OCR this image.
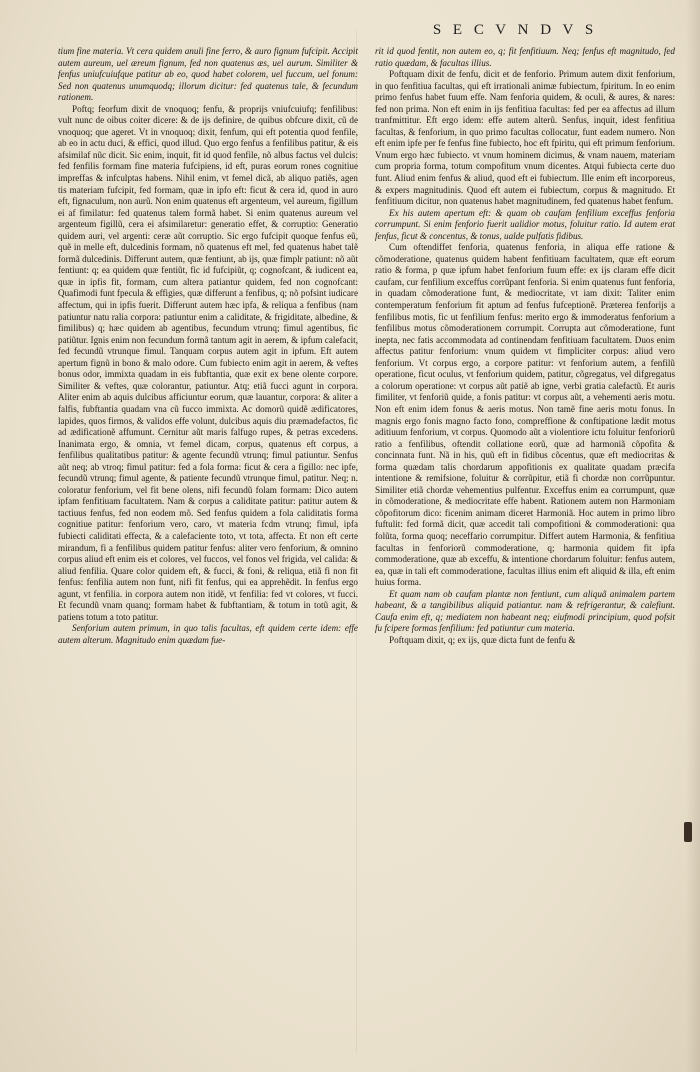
S E C V N D V S

tium fine materia. Vt cera quidem anuli fine ferro, & auro fignum fufcipit. Accipit autem aureum, uel æreum fignum, fed non quatenus æs, uel aurum. Similiter & fenfus uniufcuiufque patitur ab eo, quod habet colorem, uel fuccum, uel fonum: Sed non quatenus unumquodq; illorum dicitur: fed quatenus tale, & fecundum rationem.

Poftq; feorfum dixit de vnoquoq; fenfu, & proprijs vniufcuiufq; fenfilibus: vult nunc de oibus coiter dicere: & de ijs definire, de quibus obfcure dixit, cũ de vnoquoq; que ageret. Vt in vnoquoq; dixit, fenfum, qui eft potentia quod fenfile, ab eo in actu duci, & effici, quod illud. Quo ergo fenfus a fenfilibus patitur, & eis afsimilaf nũc dicit. Sic enim, inquit, fit id quod fenfile, nõ albus factus vel dulcis: fed fenfilis formam fine materia fufcipiens, id eft, puras eorum rones cognitiue impreffas & infculptas habens. Nihil enim, vt femel dicã, ab aliquo patiẽs, agen tis materiam fufcipit, fed formam, quæ in ipfo eft: ficut & cera id, quod in auro eft, fignaculum, non aurũ. Non enim quatenus eft argenteum, vel aureum, figillum ei af fimilatur: fed quatenus talem formã habet. Si enim quatenus aureum vel argenteum figillũ, cera ei afsimilaretur: generatio effet, & corruptio: Generatio quidem auri, vel argenti: ceræ aũt corruptio. Sic ergo fufcipit quoque fenfus eũ, quẽ in melle eft, dulcedinis formam, nõ quatenus eft mel, fed quatenus habet talẽ formã dulcedinis. Differunt autem, quæ fentiunt, ab ijs, quæ fimplr patiunt: nõ aũt fentiunt: q; ea quidem quæ fentiũt, fic id fufcipiũt, q; cognofcant, & iudicent ea, quæ in ipfis fit, formam, cum altera patiantur quidem, fed non cognofcant: Quafimodi funt fpecula & effigies, quæ differunt a fenfibus, q; nõ pofsint iudicare affectum, qui in ipfis fuerit. Differunt autem hæc ipfa, & reliqua a fenfibus (nam patiuntur natu ralia corpora: patiuntur enim a caliditate, & frigiditate, albedine, & fimilibus) q; hæc quidem ab agentibus, fecundum vtrunq; fimul agentibus, fic patiũtur. Ignis enim non fecundum formã tantum agit in aerem, & ipfum calefacit, fed fecundũ vtrunque fimul. Tanquam corpus autem agit in ipfum. Eft autem apertum fignũ in bono & malo odore. Cum fubiecto enim agit in aerem, & veftes bonus odor, immixta quadam in eis fubftantia, quæ exit ex bene olente corpore. Similiter & veftes, quæ colorantur, patiuntur. Atq; etiã fucci agunt in corpora. Aliter enim ab aquis dulcibus afficiuntur eorum, quæ lauantur, corpora: & aliter a falfis, fubftantia quadam vna cũ fucco immixta. Ac domorũ quidẽ ædificatores, lapides, quos firmos, & validos effe volunt, dulcibus aquis diu præmadefactos, fic ad ædificationẽ affumunt. Cernitur aũt maris falfugo rupes, & petras excedens. Inanimata ergo, & omnia, vt femel dicam, corpus, quatenus eft corpus, a fenfilibus qualitatibus patitur: & agente fecundũ vtrunq; fimul patiuntur. Senfus aũt neq; ab vtroq; fimul patitur: fed a fola forma: ficut & cera a figillo: nec ipfe, fecundũ vtrunq; fimul agente, & patiente fecundũ vtrunque fimul, patitur. Neq; n. coloratur fenforium, vel fit bene olens, nifi fecundũ folam formam: Dico autem ipfam fenfitiuam facultatem. Nam & corpus a caliditate patitur: patitur autem & tactiuus fenfus, fed non eodem mõ. Sed fenfus quidem a fola caliditatis forma cognitiue patitur: fenforium vero, caro, vt materia fcdm vtrunq; fimul, ipfa fubiecti caliditati effecta, & a calefaciente toto, vt tota, affecta. Et non eft certe mirandum, fi a fenfilibus quidem patitur fenfus: aliter vero fenforium, & omnino corpus aliud eft enim eis et colores, vel fuccos, vel fonos vel frigida, vel calida: & aliud fenfilia. Quare color quidem eft, & fucci, & foni, & reliqua, etiã fi non fit fenfus: fenfilia autem non funt, nifi fit fenfus, qui ea apprehẽdit. In fenfus ergo agunt, vt fenfilia. in corpora autem non itidẽ, vt fenfilia: fed vt colores, vt fucci. Et fecundũ vnam quanq; formam habet & fubftantiam, & totum in totũ agit, & patiens totum a toto patitur.

Senforium autem primum, in quo talis facultas, eft quidem certe idem: effe autem alterum. Magnitudo enim quædam fue-

rit id quod fentit, non autem eo, q; fit fenfitiuum. Neq; fenfus eft magnitudo, fed ratio quædam, & facultas illius.

Poftquam dixit de fenfu, dicit et de fenforio. Primum autem dixit fenforium, in quo fenfitiua facultas, qui eft irrationali animæ fubiectum, fpiritum. In eo enim primo fenfus habet fuum effe. Nam fenforia quidem, & oculi, & aures, & nares: fed non prima. Non eft enim in ijs fenfitiua facultas: fed per ea affectus ad illum tranfmittitur. Eft ergo idem: effe autem alterũ. Senfus, inquit, idest fenfitiua facultas, & fenforium, in quo primo facultas collocatur, funt eadem numero. Non eft enim ipfe per fe fenfus fine fubiecto, hoc eft fpiritu, qui eft primum fenforium. Vnum ergo hæc fubiecto. vt vnum hominem dicimus, & vnam nauem, materiam cum propria forma, totum compofitum vnum dicentes. Atqui fubiecta certe duo funt. Aliud enim fenfus & aliud, quod eft ei fubiectum. Ille enim eft incorporeus, & expers magnitudinis. Quod eft autem ei fubiectum, corpus & magnitudo. Et fenfitiuum dicitur, non quatenus habet magnitudinem, fed quatenus habet fenfum.

Ex his autem apertum eft: & quam ob caufam fenfilium exceffus fenforia corrumpunt. Si enim fenforio fuerit ualidior motus, foluitur ratio. Id autem erat fenfus, ficut & concentus, & tonus, ualde pulfatis fidibus.

Cum oftendiffet fenforia, quatenus fenforia, in aliqua effe ratione & cõmoderatione, quatenus quidem habent fenfitiuam facultatem, quæ eft eorum ratio & forma, p quæ ipfum habet fenforium fuum effe: ex ijs claram effe dicit caufam, cur fenfilium exceffus corrũpant fenforia. Si enim quatenus funt fenforia, in quadam cõmoderatione funt, & mediocritate, vt iam dixit: Taliter enim contemperatum fenforium fit aptum ad fenfus fufceptionẽ. Præterea fenforijs a fenfilibus motis, fic ut fenfilium fenfus: merito ergo & immoderatus fenforium a fenfilibus motus cõmoderationem corrumpit. Corrupta aut cõmoderatione, funt inepta, nec fatis accommodata ad continendam fenfitiuam facultatem. Duos enim affectus patitur fenforium: vnum quidem vt fimpliciter corpus: aliud vero fenforium. Vt corpus ergo, a corpore patitur: vt fenforium autem, a fenfilũ operatione, ficut oculus, vt fenforium quidem, patitur, cõgregatus, vel difgregatus a colorum operatione: vt corpus aũt patiẽ ab igne, verbi gratia calefactũ. Et auris fimiliter, vt fenforiũ quide, a fonis patitur: vt corpus aũt, a vehementi aeris motu. Non eft enim idem fonus & aeris motus. Non tamẽ fine aeris motu fonus. In magnis ergo fonis magno facto fono, compreffione & conftipatione lædit motus aditiuum fenforium, vt corpus. Quomodo aũt a violentiore ictu foluitur fenforiorũ ratio a fenfilibus, oftendit collatione eorũ, quæ ad harmoniã cõpofita & concinnata funt. Nã in his, quũ eft in fidibus cõcentus, quæ eft mediocritas & forma quædam talis chordarum appofitionis ex qualitate quadam præcifa intentione & remifsione, foluitur & corrũpitur, etiã fi chordæ non corrũpuntur. Similiter etiã chordæ vehementius pulfentur. Exceffus enim ea corrumpunt, quæ in cõmoderatione, & mediocritate effe habent. Rationem autem non Harmoniam cõpofitorum dico: ficenim animam diceret Harmoniã. Hoc autem in primo libro fuftulit: fed formã dicit, quæ accedit tali compofitioni & commoderationi: qua folũta, forma quoq; neceffario corrumpitur. Differt autem Harmonia, & fenfitiua facultas in fenforiorũ commoderatione, q; harmonia quidem fit ipfa commoderatione, quæ ab exceffu, & intentione chordarum foluitur: fenfus autem, ea, quæ in tali eft commoderatione, facultas illius enim eft aliquid & illa, eft enim huius forma.

Et quam nam ob caufam plantæ non fentiunt, cum aliquã animalem partem habeant, & a tangibilibus aliquid patiantur. nam & refrigerantur, & calefiunt. Caufa enim eft, q; mediatem non habeant neq; eiufmodi principium, quod pofsit fu fcipere formas fenfilium: fed patiuntur cum materia.

Poftquam dixit, q; ex ijs, quæ dicta funt de fenfu &
